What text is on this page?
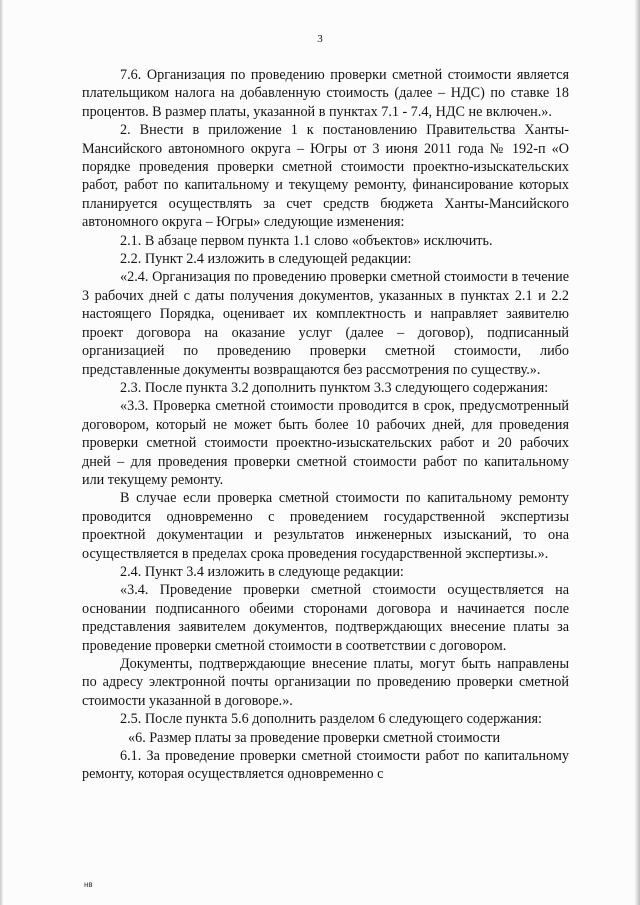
3

7.6. Организация по проведению проверки сметной стоимости является плательщиком налога на добавленную стоимость (далее – НДС) по ставке 18 процентов. В размер платы, указанной в пунктах 7.1 - 7.4, НДС не включен.».

2. Внести в приложение 1 к постановлению Правительства Ханты-Мансийского автономного округа – Югры от 3 июня 2011 года № 192-п «О порядке проведения проверки сметной стоимости проектно-изыскательских работ, работ по капитальному и текущему ремонту, финансирование которых планируется осуществлять за счет средств бюджета Ханты-Мансийского автономного округа – Югры» следующие изменения:

2.1. В абзаце первом пункта 1.1 слово «объектов» исключить.

2.2. Пункт 2.4 изложить в следующей редакции:

«2.4. Организация по проведению проверки сметной стоимости в течение 3 рабочих дней с даты получения документов, указанных в пунктах 2.1 и 2.2 настоящего Порядка, оценивает их комплектность и направляет заявителю проект договора на оказание услуг (далее – договор), подписанный организацией по проведению проверки сметной стоимости, либо представленные документы возвращаются без рассмотрения по существу.».

2.3. После пункта 3.2 дополнить пунктом 3.3 следующего содержания:

«3.3. Проверка сметной стоимости проводится в срок, предусмотренный договором, который не может быть более 10 рабочих дней, для проведения проверки сметной стоимости проектно-изыскательских работ и 20 рабочих дней – для проведения проверки сметной стоимости работ по капитальному или текущему ремонту.

В случае если проверка сметной стоимости по капитальному ремонту проводится одновременно с проведением государственной экспертизы проектной документации и результатов инженерных изысканий, то она осуществляется в пределах срока проведения государственной экспертизы.».

2.4. Пункт 3.4 изложить в следующе редакции:

«3.4. Проведение проверки сметной стоимости осуществляется на основании подписанного обеими сторонами договора и начинается после представления заявителем документов, подтверждающих внесение платы за проведение проверки сметной стоимости в соответствии с договором.

Документы, подтверждающие внесение платы, могут быть направлены по адресу электронной почты организации по проведению проверки сметной стоимости указанной в договоре.».

2.5. После пункта 5.6 дополнить разделом 6 следующего содержания:

«6. Размер платы за проведение проверки сметной стоимости

6.1. За проведение проверки сметной стоимости работ по капитальному ремонту, которая осуществляется одновременно с

нв
